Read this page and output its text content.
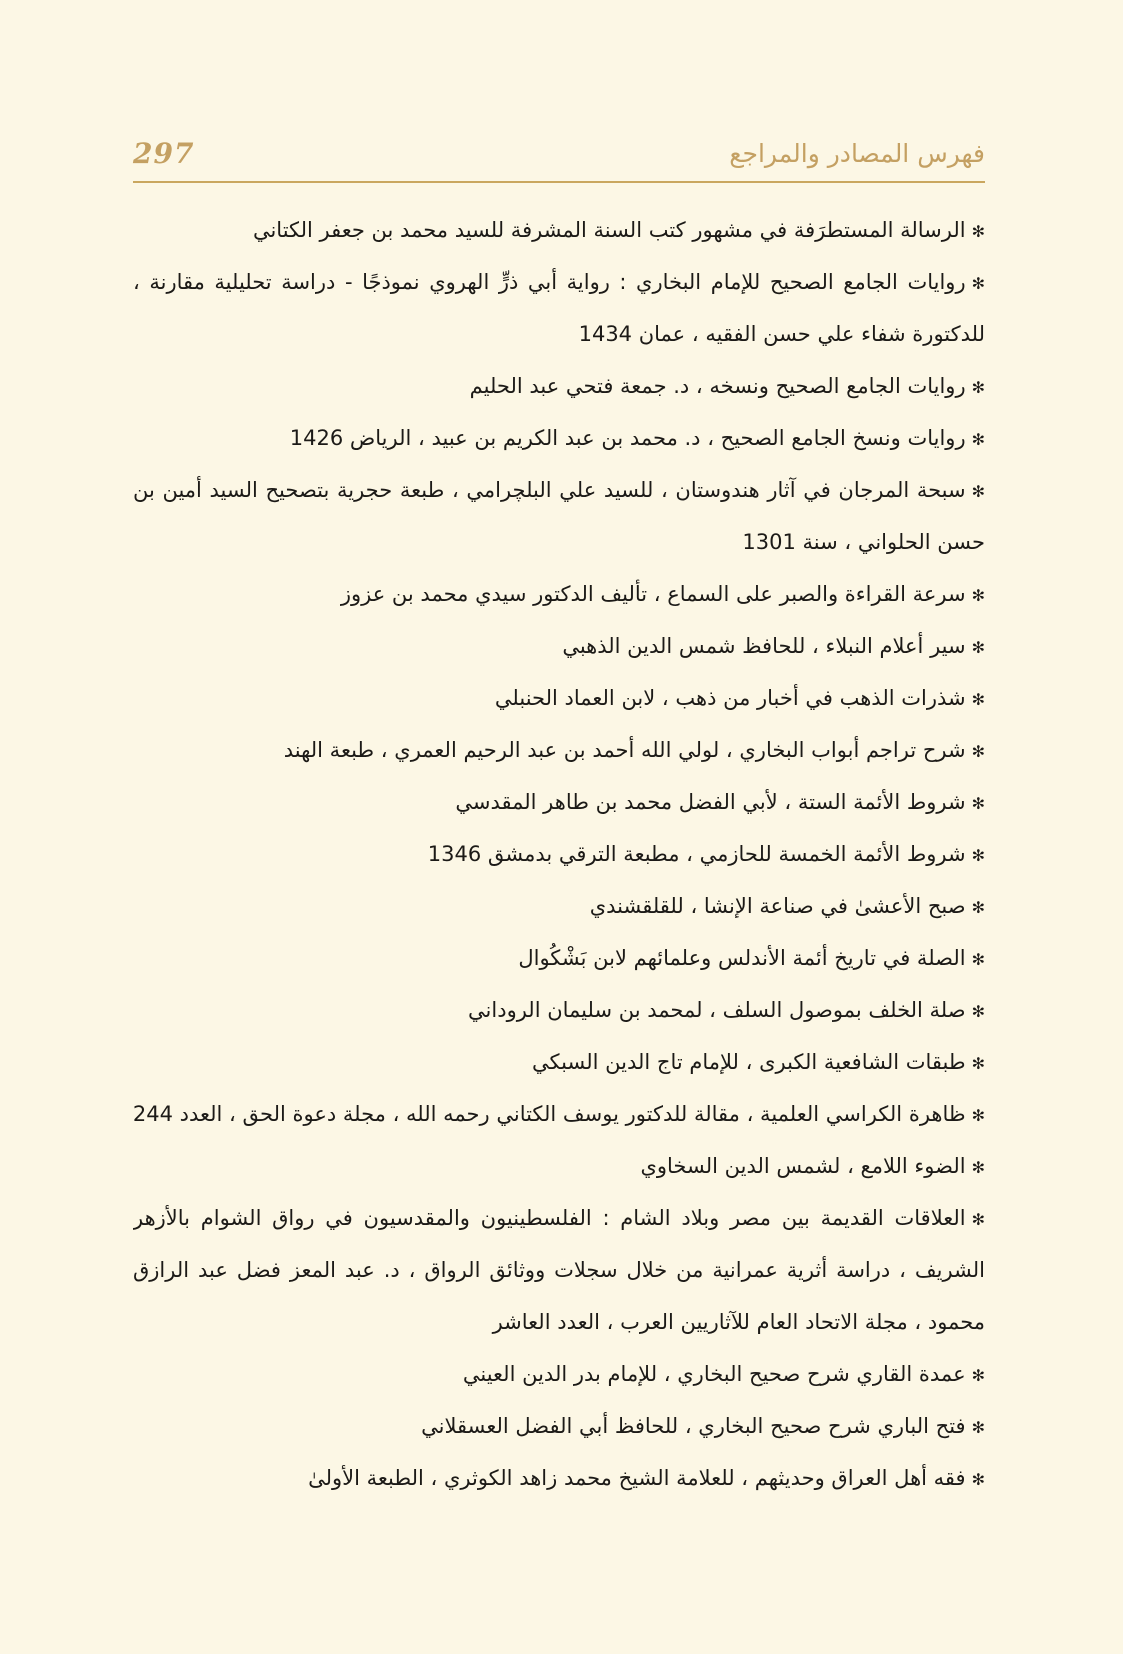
297	فهرس المصادر والمراجع
✻الرسالة المستطرَفة في مشهور كتب السنة المشرفة للسيد محمد بن جعفر الكتاني
✻روايات الجامع الصحيح للإمام البخاري : رواية أبي ذرٍّ الهروي نموذجًا - دراسة تحليلية مقارنة ،
للدكتورة شفاء علي حسن الفقيه ، عمان 1434
✻روايات الجامع الصحيح ونسخه ، د. جمعة فتحي عبد الحليم
✻روايات ونسخ الجامع الصحيح ، د. محمد بن عبد الكريم بن عبيد ، الرياض 1426
✻سبحة المرجان في آثار هندوستان ، للسيد علي البلچرامي ، طبعة حجرية بتصحيح السيد أمين بن
حسن الحلواني ، سنة 1301
✻سرعة القراءة والصبر على السماع ، تأليف الدكتور سيدي محمد بن عزوز
✻سير أعلام النبلاء ، للحافظ شمس الدين الذهبي
✻شذرات الذهب في أخبار من ذهب ، لابن العماد الحنبلي
✻شرح تراجم أبواب البخاري ، لولي الله أحمد بن عبد الرحيم العمري ، طبعة الهند
✻شروط الأئمة الستة ، لأبي الفضل محمد بن طاهر المقدسي
✻شروط الأئمة الخمسة للحازمي ، مطبعة الترقي بدمشق 1346
✻صبح الأعشىٰ في صناعة الإنشا ، للقلقشندي
✻الصلة في تاريخ أئمة الأندلس وعلمائهم لابن بَشْكُوال
✻صلة الخلف بموصول السلف ، لمحمد بن سليمان الروداني
✻طبقات الشافعية الكبرى ، للإمام تاج الدين السبكي
✻ظاهرة الكراسي العلمية ، مقالة للدكتور يوسف الكتاني رحمه الله ، مجلة دعوة الحق ، العدد 244
✻الضوء اللامع ، لشمس الدين السخاوي
✻العلاقات القديمة بين مصر وبلاد الشام : الفلسطينيون والمقدسيون في رواق الشوام بالأزهر
الشريف ، دراسة أثرية عمرانية من خلال سجلات ووثائق الرواق ، د. عبد المعز فضل عبد الرازق
محمود ، مجلة الاتحاد العام للآثاريين العرب ، العدد العاشر
✻عمدة القاري شرح صحيح البخاري ، للإمام بدر الدين العيني
✻فتح الباري شرح صحيح البخاري ، للحافظ أبي الفضل العسقلاني
✻فقه أهل العراق وحديثهم ، للعلامة الشيخ محمد زاهد الكوثري ، الطبعة الأولىٰ
